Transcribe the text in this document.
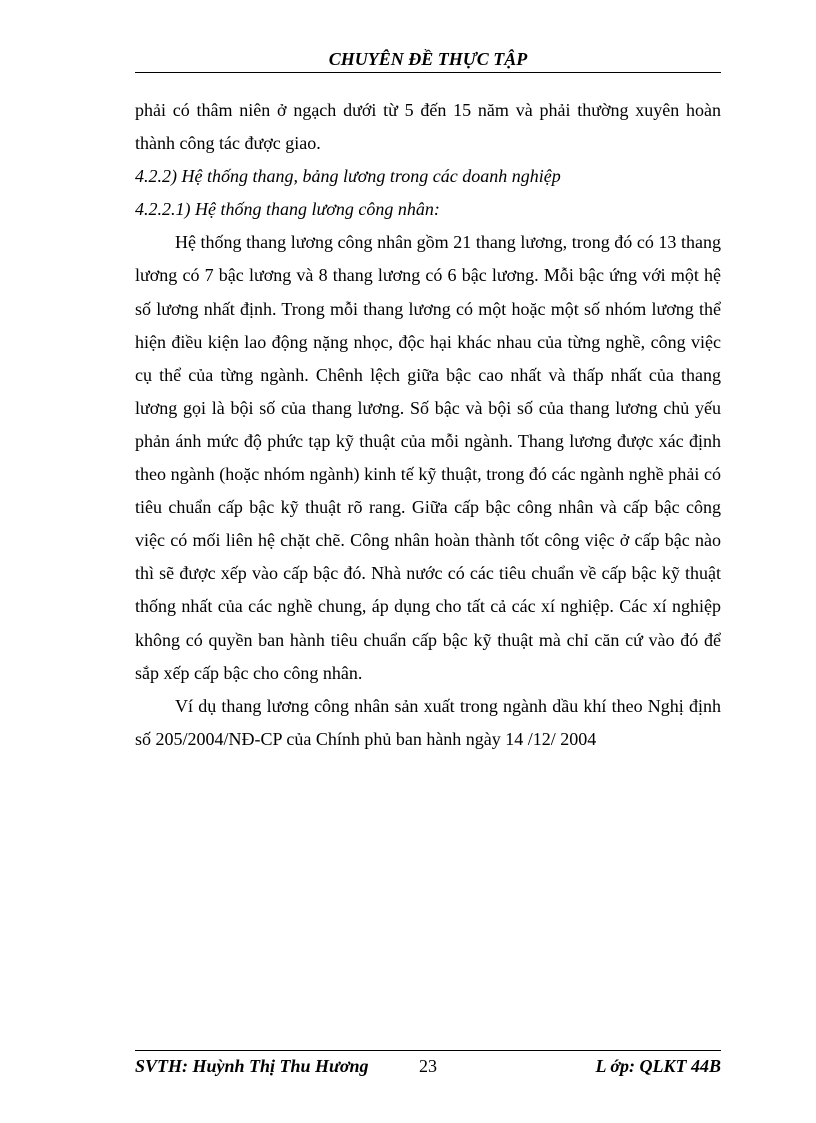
CHUYÊN ĐỀ THỰC TẬP

phải có thâm niên ở ngạch dưới từ 5 đến 15 năm và phải thường xuyên hoàn thành công tác được giao.

4.2.2) Hệ thống thang, bảng lương trong các doanh nghiệp

4.2.2.1) Hệ thống thang lương công nhân:

Hệ thống thang lương công nhân gồm 21 thang lương, trong đó có 13 thang lương có 7 bậc lương và 8 thang lương có 6 bậc lương. Mỗi bậc ứng với một hệ số lương nhất định. Trong mỗi thang lương có một hoặc một số nhóm lương thể hiện điều kiện lao động nặng nhọc, độc hại khác nhau của từng nghề, công việc cụ thể của từng ngành. Chênh lệch giữa bậc cao nhất và thấp nhất của thang lương gọi là bội số của thang lương. Số bậc và bội số của thang lương chủ yếu phản ánh mức độ phức tạp kỹ thuật của mỗi ngành. Thang lương được xác định theo ngành (hoặc nhóm ngành) kinh tế kỹ thuật, trong đó các ngành nghề phải có tiêu chuẩn cấp bậc kỹ thuật rõ rang. Giữa cấp bậc công nhân và cấp bậc công việc có mối liên hệ chặt chẽ. Công nhân hoàn thành tốt công việc ở cấp bậc nào thì sẽ được xếp vào cấp bậc đó. Nhà nước có các tiêu chuẩn về cấp bậc kỹ thuật thống nhất của các nghề chung, áp dụng cho tất cả các xí nghiệp. Các xí nghiệp không có quyền ban hành tiêu chuẩn cấp bậc kỹ thuật mà chỉ căn cứ vào đó để sắp xếp cấp bậc cho công nhân.

Ví dụ thang lương công nhân sản xuất trong ngành dầu khí theo Nghị định số 205/2004/NĐ-CP của Chính phủ ban hành ngày 14 /12/ 2004

23
SVTH: Huỳnh Thị Thu Hương	L ớp: QLKT 44B
